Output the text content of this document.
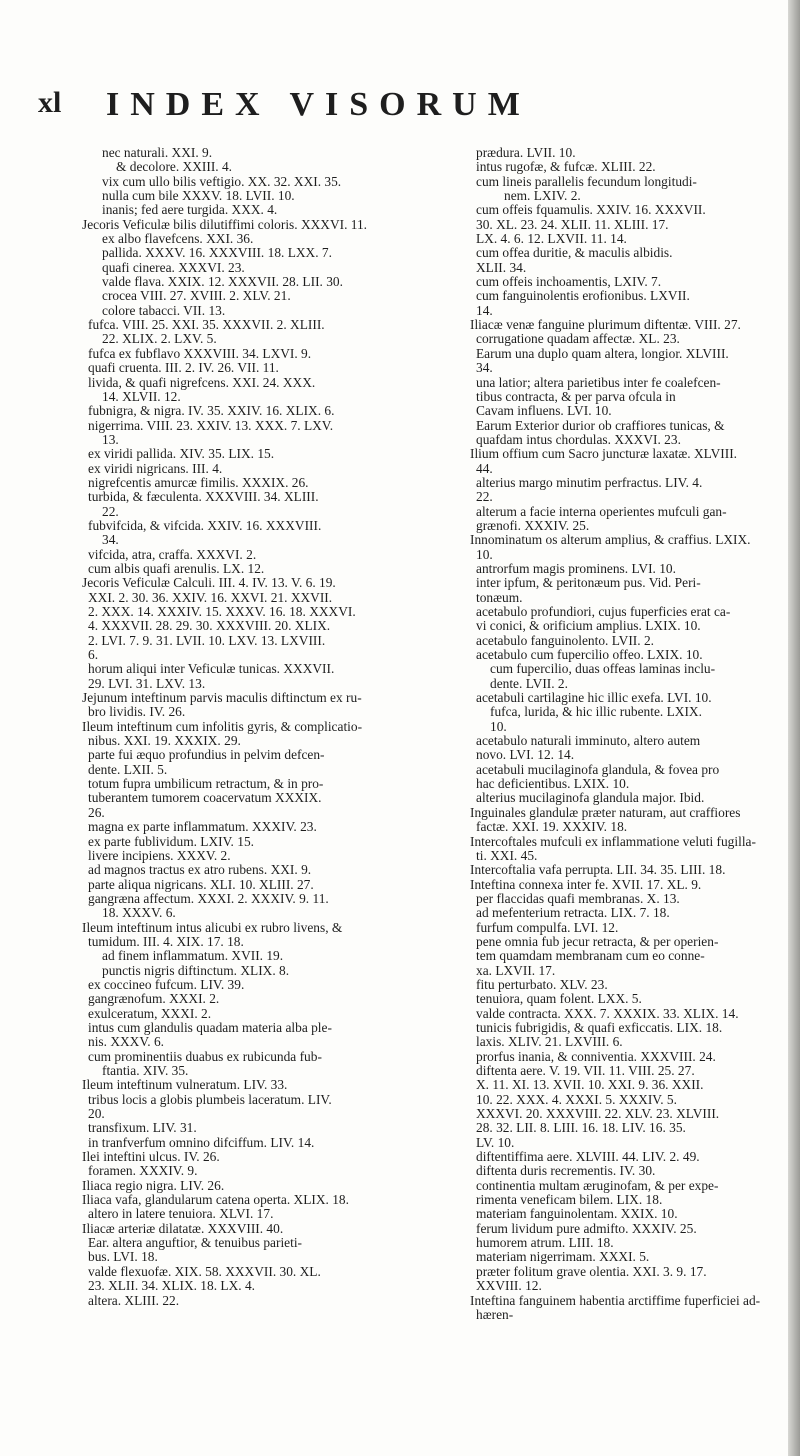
xl INDEX VISORUM
nec naturali. XXI. 9.
& decolore. XXIII. 4.
vix cum ullo bilis veftigio. XX. 32. XXI. 35.
nulla cum bile XXXV. 18. LVII. 10.
inanis; fed aere turgida. XXX. 4.
Jecoris Veficulæ bilis dilutiffimi coloris. XXXVI. 11.
ex albo flavefcens. XXI. 36.
pallida. XXXV. 16. XXXVIII. 18. LXX. 7.
quafi cinerea. XXXVI. 23.
valde flava. XXIX. 12. XXXVII. 28. LII. 30.
crocea VIII. 27. XVIII. 2. XLV. 21.
colore tabacci. VII. 13.
fufca. VIII. 25. XXI. 35. XXXVII. 2. XLIII.
22. XLIX. 2. LXV. 5.
fufca ex fubflavo XXXVIII. 34. LXVI. 9.
quafi cruenta. III. 2. IV. 26. VII. 11.
livida, & quafi nigrefcens. XXI. 24. XXX.
14. XLVII. 12.
fubnigra, & nigra. IV. 35. XXIV. 16. XLIX. 6.
nigerrima. VIII. 23. XXIV. 13. XXX. 7. LXV.
13.
ex viridi pallida. XIV. 35. LIX. 15.
ex viridi nigricans. III. 4.
nigrefcentis amurcæ fimilis. XXXIX. 26.
turbida, & fæculenta. XXXVIII. 34. XLIII.
22.
fubvifcida, & vifcida. XXIV. 16. XXXVIII.
34.
vifcida, atra, craffa. XXXVI. 2.
cum albis quafi arenulis. LX. 12.
Jecoris Veficulæ Calculi. III. 4. IV. 13. V. 6. 19.
XXI. 2. 30. 36. XXIV. 16. XXVI. 21. XXVII.
2. XXX. 14. XXXIV. 15. XXXV. 16. 18. XXXVI.
4. XXXVII. 28. 29. 30. XXXVIII. 20. XLIX.
2. LVI. 7. 9. 31. LVII. 10. LXV. 13. LXVIII.
6.
horum aliqui inter Veficulæ tunicas. XXXVII.
29. LVI. 31. LXV. 13.
Jejunum inteftinum parvis maculis diftinctum ex ru-
bro lividis. IV. 26.
Ileum inteftinum cum infolitis gyris, & complicatio-
nibus. XXI. 19. XXXIX. 29.
parte fui æquo profundius in pelvim defcen-
dente. LXII. 5.
totum fupra umbilicum retractum, & in pro-
tuberantem tumorem coacervatum XXXIX.
26.
magna ex parte inflammatum. XXXIV. 23.
ex parte fublividum. LXIV. 15.
livere incipiens. XXXV. 2.
ad magnos tractus ex atro rubens. XXI. 9.
parte aliqua nigricans. XLI. 10. XLIII. 27.
gangræna affectum. XXXI. 2. XXXIV. 9. 11.
18. XXXV. 6.
Ileum inteftinum intus alicubi ex rubro livens, &
tumidum. III. 4. XIX. 17. 18.
ad finem inflammatum. XVII. 19.
punctis nigris diftinctum. XLIX. 8.
ex coccineo fufcum. LIV. 39.
gangrænofum. XXXI. 2.
exulceratum, XXXI. 2.
intus cum glandulis quadam materia alba ple-
nis. XXXV. 6.
cum prominentiis duabus ex rubicunda fub-
ftantia. XIV. 35.
Ileum inteftinum vulneratum. LIV. 33.
tribus locis a globis plumbeis laceratum. LIV.
20.
transfixum. LIV. 31.
in tranfverfum omnino difciffum. LIV. 14.
Ilei inteftini ulcus. IV. 26.
foramen. XXXIV. 9.
Iliaca regio nigra. LIV. 26.
Iliaca vafa, glandularum catena operta. XLIX. 18.
altero in latere tenuiora. XLVI. 17.
Iliacæ arteriæ dilatatæ. XXXVIII. 40.
Ear. altera anguftior, & tenuibus parieti-
bus. LVI. 18.
valde flexuofæ. XIX. 58. XXXVII. 30. XL.
23. XLII. 34. XLIX. 18. LX. 4.
altera. XLIII. 22.
prædura. LVII. 10.
intus rugofæ, & fufcæ. XLIII. 22.
cum lineis parallelis fecundum longitudi-
nem. LXIV. 2.
cum offeis fquamulis. XXIV. 16. XXXVII.
30. XL. 23. 24. XLII. 11. XLIII. 17.
LX. 4. 6. 12. LXVII. 11. 14.
cum offea duritie, & maculis albidis.
XLII. 34.
cum offeis inchoamentis, LXIV. 7.
cum fanguinolentis erofionibus. LXVII.
14.
Iliacæ venæ fanguine plurimum diftentæ. VIII. 27.
corrugatione quadam affectæ. XL. 23.
Earum una duplo quam altera, longior. XLVIII.
34.
una latior; altera parietibus inter fe coalefcen-
tibus contracta, & per parva ofcula in
Cavam influens. LVI. 10.
Earum Exterior durior ob craffiores tunicas, &
quafdam intus chordulas. XXXVI. 23.
Ilium offium cum Sacro juncturæ laxatæ. XLVIII.
44.
alterius margo minutim perfractus. LIV. 4.
22.
alterum a facie interna operientes mufculi gan-
grænofi. XXXIV. 25.
Innominatum os alterum amplius, & craffius. LXIX.
10.
antrorfum magis prominens. LVI. 10.
inter ipfum, & peritonæum pus. Vid. Peri-
tonæum.
acetabulo profundiori, cujus fuperficies erat ca-
vi conici, & orificium amplius. LXIX. 10.
acetabulo fanguinolento. LVII. 2.
acetabulo cum fupercilio offeo. LXIX. 10.
cum fupercilio, duas offeas laminas inclu-
dente. LVII. 2.
acetabuli cartilagine hic illic exefa. LVI. 10.
fufca, lurida, & hic illic rubente. LXIX.
10.
acetabulo naturali imminuto, altero autem
novo. LVI. 12. 14.
acetabuli mucilaginofa glandula, & fovea pro
hac deficientibus. LXIX. 10.
alterius mucilaginofa glandula major. Ibid.
Inguinales glandulæ præter naturam, aut craffiores
factæ. XXI. 19. XXXIV. 18.
Intercoftales mufculi ex inflammatione veluti fugilla-
ti. XXI. 45.
Intercoftalia vafa perrupta. LII. 34. 35. LIII. 18.
Inteftina connexa inter fe. XVII. 17. XL. 9.
per flaccidas quafi membranas. X. 13.
ad mefenterium retracta. LIX. 7. 18.
furfum compulfa. LVI. 12.
pene omnia fub jecur retracta, & per operien-
tem quamdam membranam cum eo conne-
xa. LXVII. 17.
fitu perturbato. XLV. 23.
tenuiora, quam folent. LXX. 5.
valde contracta. XXX. 7. XXXIX. 33. XLIX. 14.
tunicis fubrigidis, & quafi exficcatis. LIX. 18.
laxis. XLIV. 21. LXVIII. 6.
prorfus inania, & conniventia. XXXVIII. 24.
diftenta aere. V. 19. VII. 11. VIII. 25. 27.
X. 11. XI. 13. XVII. 10. XXI. 9. 36. XXII.
10. 22. XXX. 4. XXXI. 5. XXXIV. 5.
XXXVI. 20. XXXVIII. 22. XLV. 23. XLVIII.
28. 32. LII. 8. LIII. 16. 18. LIV. 16. 35.
LV. 10.
diftentiffima aere. XLVIII. 44. LIV. 2. 49.
diftenta duris recrementis. IV. 30.
continentia multam æruginofam, & per expe-
rimenta veneficam bilem. LIX. 18.
materiam fanguinolentam. XXIX. 10.
ferum lividum pure admifto. XXXIV. 25.
humorem atrum. LIII. 18.
materiam nigerrimam. XXXI. 5.
præter folitum grave olentia. XXI. 3. 9. 17.
XXVIII. 12.
Inteftina fanguinem habentia arctiffime fuperficiei ad-
hæren-
